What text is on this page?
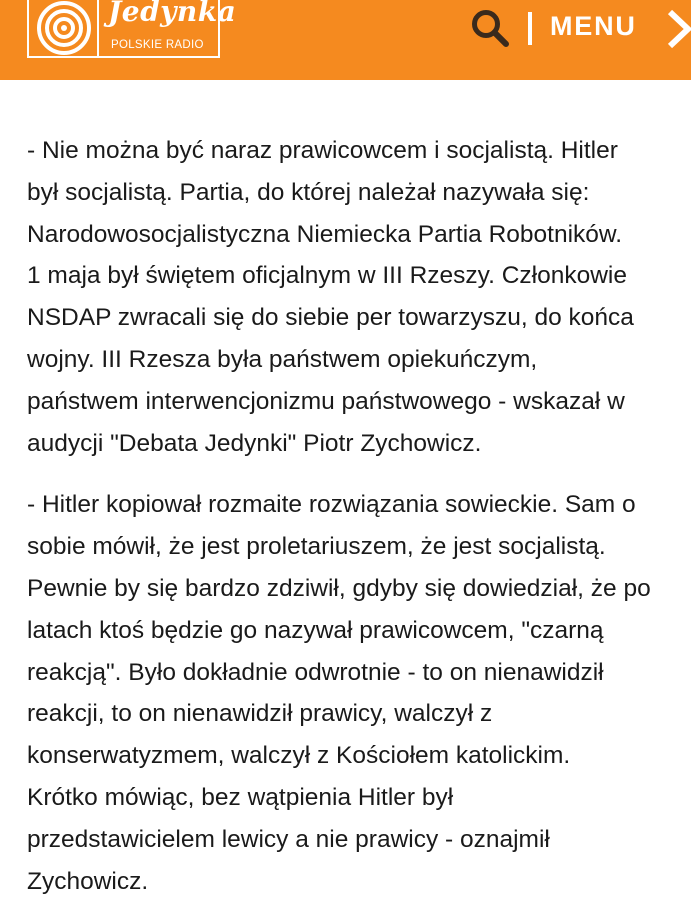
Jedynka
POLSKIE RADIO
MENU
- Nie można być naraz prawicowcem i socjalistą. Hitler
był socjalistą. Partia, do której należał nazywała się:
Narodowosocjalistyczna Niemiecka Partia Robotników.
1 maja był świętem oficjalnym w III Rzeszy. Członkowie
NSDAP zwracali się do siebie per towarzyszu, do końca
wojny. III Rzesza była państwem opiekuńczym,
państwem interwencjonizmu państwowego - wskazał w
audycji "Debata Jedynki" Piotr Zychowicz.
- Hitler kopiował rozmaite rozwiązania sowieckie. Sam o
sobie mówił, że jest proletariuszem, że jest socjalistą.
Pewnie by się bardzo zdziwił, gdyby się dowiedział, że po
latach ktoś będzie go nazywał prawicowcem, "czarną
reakcją". Było dokładnie odwrotnie - to on nienawidził
reakcji, to on nienawidził prawicy, walczył z
konserwatyzmem, walczył z Kościołem katolickim.
Krótko mówiąc, bez wątpienia Hitler był
przedstawicielem lewicy a nie prawicy - oznajmił
Zychowicz.
